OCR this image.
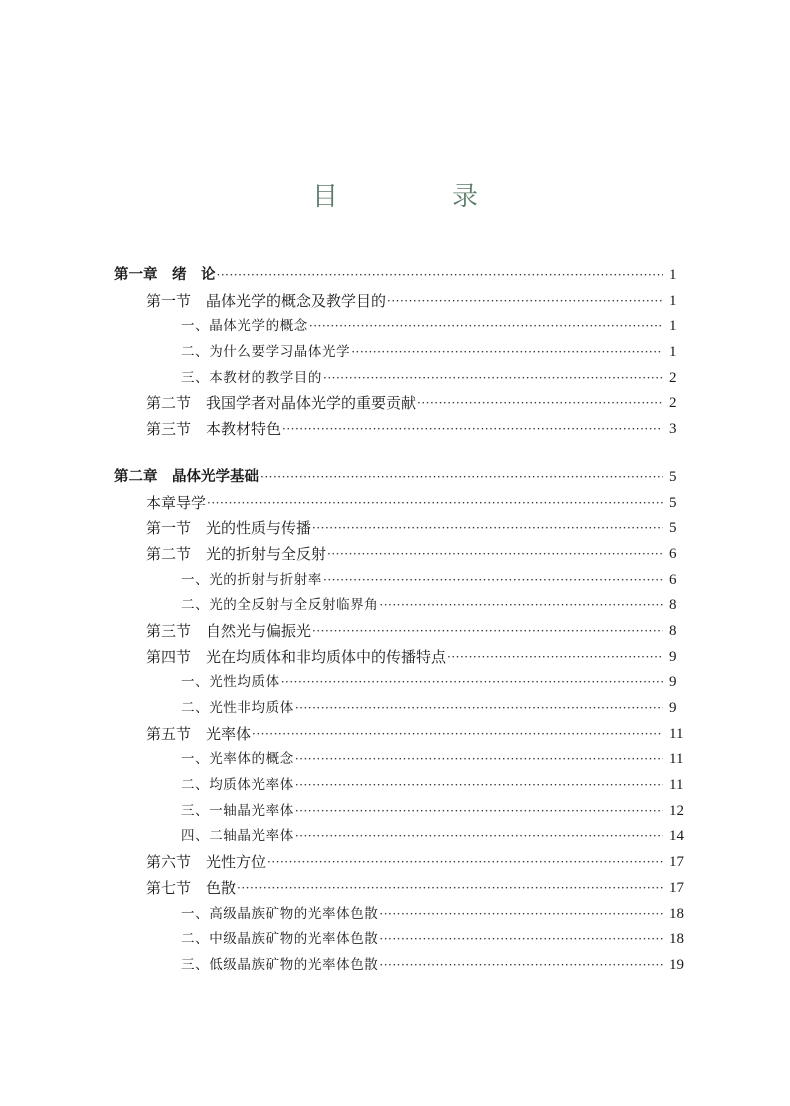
目　录
第一章　绪　论 ·····	1
第一节　晶体光学的概念及教学目的 ·····	1
一、晶体光学的概念 ·····	1
二、为什么要学习晶体光学 ·····	1
三、本教材的教学目的 ·····	2
第二节　我国学者对晶体光学的重要贡献 ·····	2
第三节　本教材特色 ·····	3
第二章　晶体光学基础 ·····	5
本章导学 ·····	5
第一节　光的性质与传播 ·····	5
第二节　光的折射与全反射 ·····	6
一、光的折射与折射率 ·····	6
二、光的全反射与全反射临界角 ·····	8
第三节　自然光与偏振光 ·····	8
第四节　光在均质体和非均质体中的传播特点 ·····	9
一、光性均质体 ·····	9
二、光性非均质体 ·····	9
第五节　光率体 ·····	11
一、光率体的概念 ·····	11
二、均质体光率体 ·····	11
三、一轴晶光率体 ·····	12
四、二轴晶光率体 ·····	14
第六节　光性方位 ·····	17
第七节　色散 ·····	17
一、高级晶族矿物的光率体色散 ·····	18
二、中级晶族矿物的光率体色散 ·····	18
三、低级晶族矿物的光率体色散 ·····	19
